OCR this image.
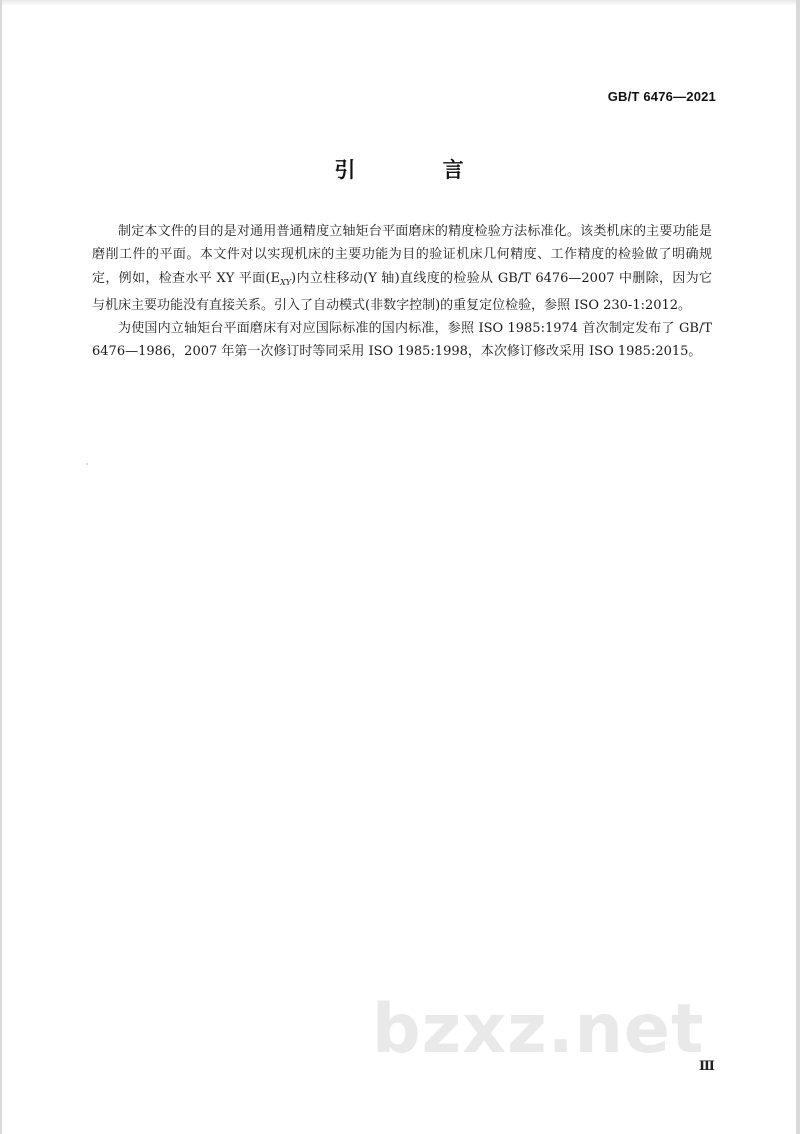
GB/T 6476—2021
引 言

制定本文件的目的是对通用普通精度立轴矩台平面磨床的精度检验方法标准化。该类机床的主要功能是磨削工件的平面。本文件对以实现机床的主要功能为目的验证机床几何精度、工作精度的检验做了明确规定，例如，检查水平 XY 平面$(E_{XY})$内立柱移动(Y 轴)直线度的检验从 GB/T 6476—2007 中删除，因为它与机床主要功能没有直接关系。引入了自动模式(非数字控制)的重复定位检验，参照 ISO 230-1:2012。

为使国内立轴矩台平面磨床有对应国际标准的国内标准，参照 ISO 1985:1974 首次制定发布了 GB/T 6476—1986，2007 年第一次修订时等同采用 ISO 1985:1998，本次修订修改采用 ISO 1985:2015。

bzxz.net
Ⅲ
